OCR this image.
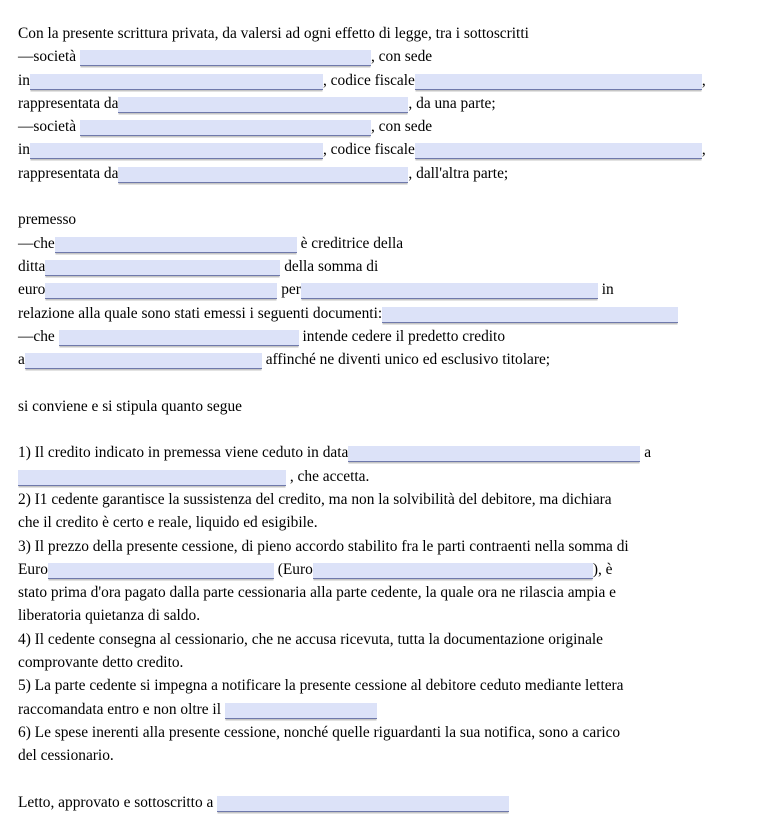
Con la presente scrittura privata, da valersi ad ogni effetto di legge, tra i sottoscritti

—società	, con sede

in	, codice fiscale	,

rappresentata da	, da una parte;

—società	, con sede

in	, codice fiscale	,

rappresentata da	, dall'altra parte;

premesso

—che	è creditrice della

ditta	della somma di

euro	per	in

relazione alla quale sono stati emessi i seguenti documenti:

—che	intende cedere il predetto credito

a	affinché ne diventi unico ed esclusivo titolare;

si conviene e si stipula quanto segue

1) Il credito indicato in premessa viene ceduto in data	a

, che accetta.

2) I1 cedente garantisce la sussistenza del credito, ma non la solvibilità del debitore, ma dichiara

che il credito è certo e reale, liquido ed esigibile.

3) Il prezzo della presente cessione, di pieno accordo stabilito fra le parti contraenti nella somma di

Euro	(Euro	), è

stato prima d'ora pagato dalla parte cessionaria alla parte cedente, la quale ora ne rilascia ampia e

liberatoria quietanza di saldo.

4) Il cedente consegna al cessionario, che ne accusa ricevuta, tutta la documentazione originale

comprovante detto credito.

5) La parte cedente si impegna a notificare la presente cessione al debitore ceduto mediante lettera

raccomandata entro e non oltre il

6) Le spese inerenti alla presente cessione, nonché quelle riguardanti la sua notifica, sono a carico

del cessionario.

Letto, approvato e sottoscritto a
